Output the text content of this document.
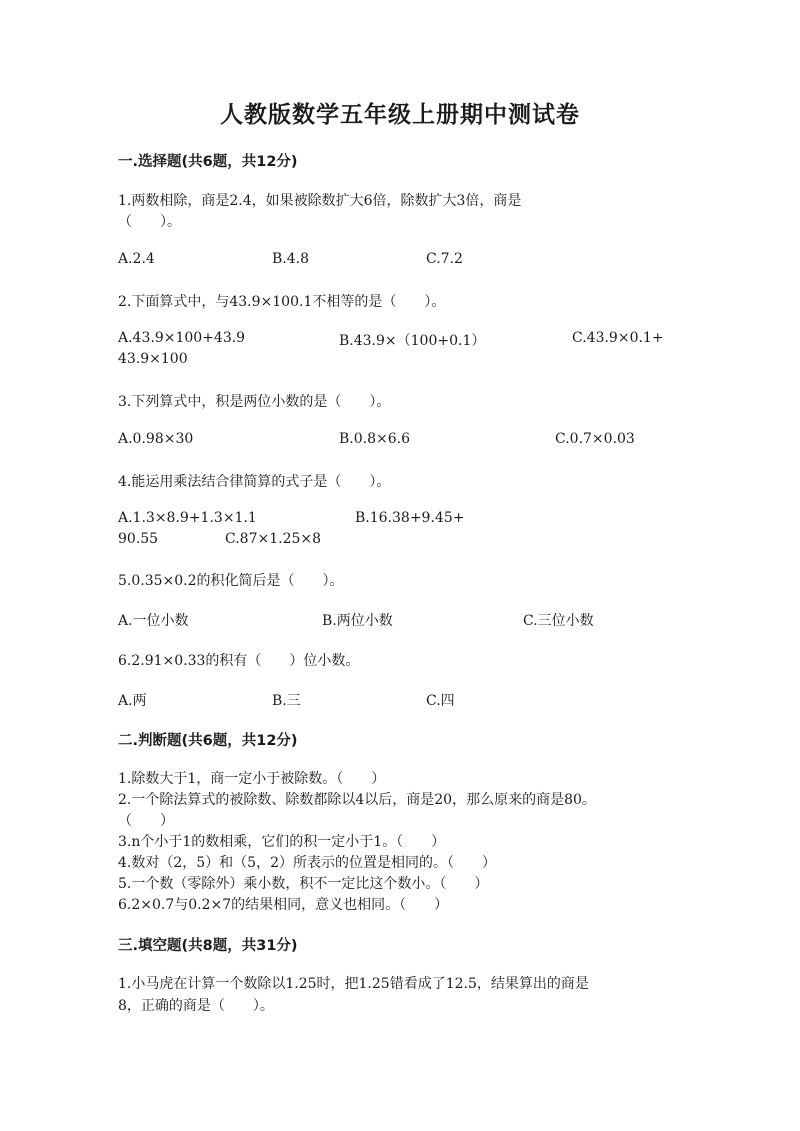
人教版数学五年级上册期中测试卷
一.选择题(共6题，共12分)
1.两数相除，商是2.4，如果被除数扩大6倍，除数扩大3倍，商是
（　　）。
A.2.4	B.4.8	C.7.2
2.下面算式中，与43.9×100.1不相等的是（　　）。
A.43.9×100+43.9	B.43.9×（100+0.1）	C.43.9×0.1+
43.9×100
3.下列算式中，积是两位小数的是（　　）。
A.0.98×30	B.0.8×6.6	C.0.7×0.03
4.能运用乘法结合律简算的式子是（　　）。
A.1.3×8.9+1.3×1.1	B.16.38+9.45+
90.55	C.87×1.25×8
5.0.35×0.2的积化简后是（　　）。
A.一位小数	B.两位小数	C.三位小数
6.2.91×0.33的积有（　　）位小数。
A.两	B.三	C.四
二.判断题(共6题，共12分)
1.除数大于1，商一定小于被除数。（　　）
2.一个除法算式的被除数、除数都除以4以后，商是20，那么原来的商是80。
（　　）
3.n个小于1的数相乘，它们的积一定小于1。（　　）
4.数对（2，5）和（5，2）所表示的位置是相同的。（　　）
5.一个数（零除外）乘小数，积不一定比这个数小。（　　）
6.2×0.7与0.2×7的结果相同，意义也相同。（　　）
三.填空题(共8题，共31分)
1.小马虎在计算一个数除以1.25时，把1.25错看成了12.5，结果算出的商是
8，正确的商是（　　）。
